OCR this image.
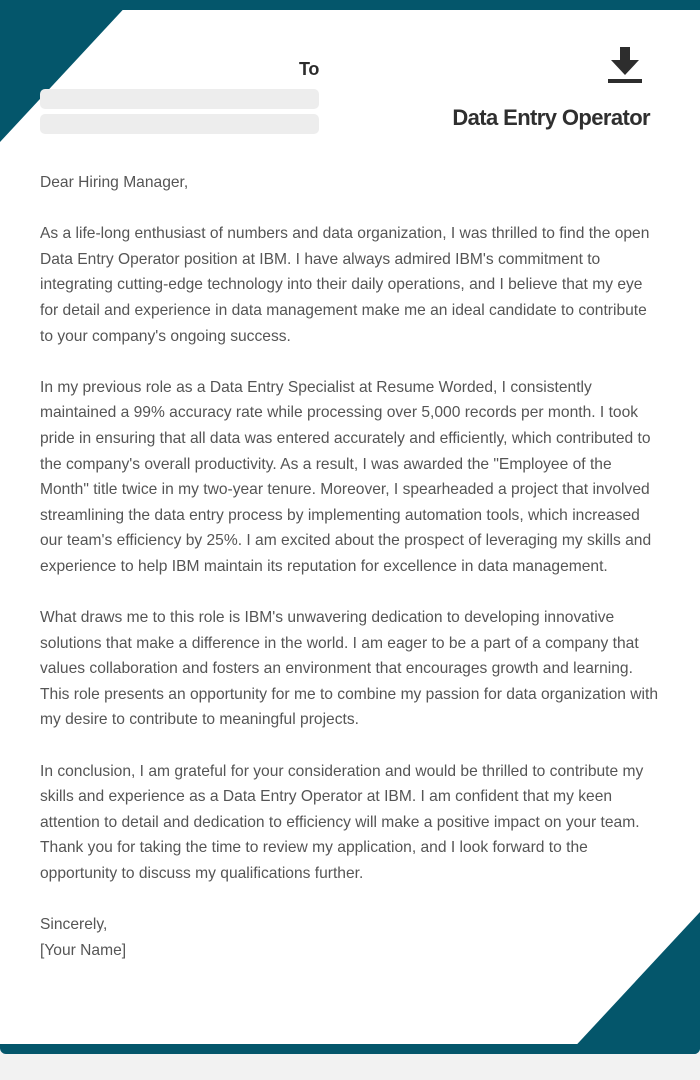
To
Data Entry Operator

Dear Hiring Manager,

As a life-long enthusiast of numbers and data organization, I was thrilled to find the open Data Entry Operator position at IBM. I have always admired IBM's commitment to integrating cutting-edge technology into their daily operations, and I believe that my eye for detail and experience in data management make me an ideal candidate to contribute to your company's ongoing success.

In my previous role as a Data Entry Specialist at Resume Worded, I consistently maintained a 99% accuracy rate while processing over 5,000 records per month. I took pride in ensuring that all data was entered accurately and efficiently, which contributed to the company's overall productivity. As a result, I was awarded the "Employee of the Month" title twice in my two-year tenure. Moreover, I spearheaded a project that involved streamlining the data entry process by implementing automation tools, which increased our team's efficiency by 25%. I am excited about the prospect of leveraging my skills and experience to help IBM maintain its reputation for excellence in data management.

What draws me to this role is IBM's unwavering dedication to developing innovative solutions that make a difference in the world. I am eager to be a part of a company that values collaboration and fosters an environment that encourages growth and learning. This role presents an opportunity for me to combine my passion for data organization with my desire to contribute to meaningful projects.

In conclusion, I am grateful for your consideration and would be thrilled to contribute my skills and experience as a Data Entry Operator at IBM. I am confident that my keen attention to detail and dedication to efficiency will make a positive impact on your team. Thank you for taking the time to review my application, and I look forward to the opportunity to discuss my qualifications further.

Sincerely,

[Your Name]
